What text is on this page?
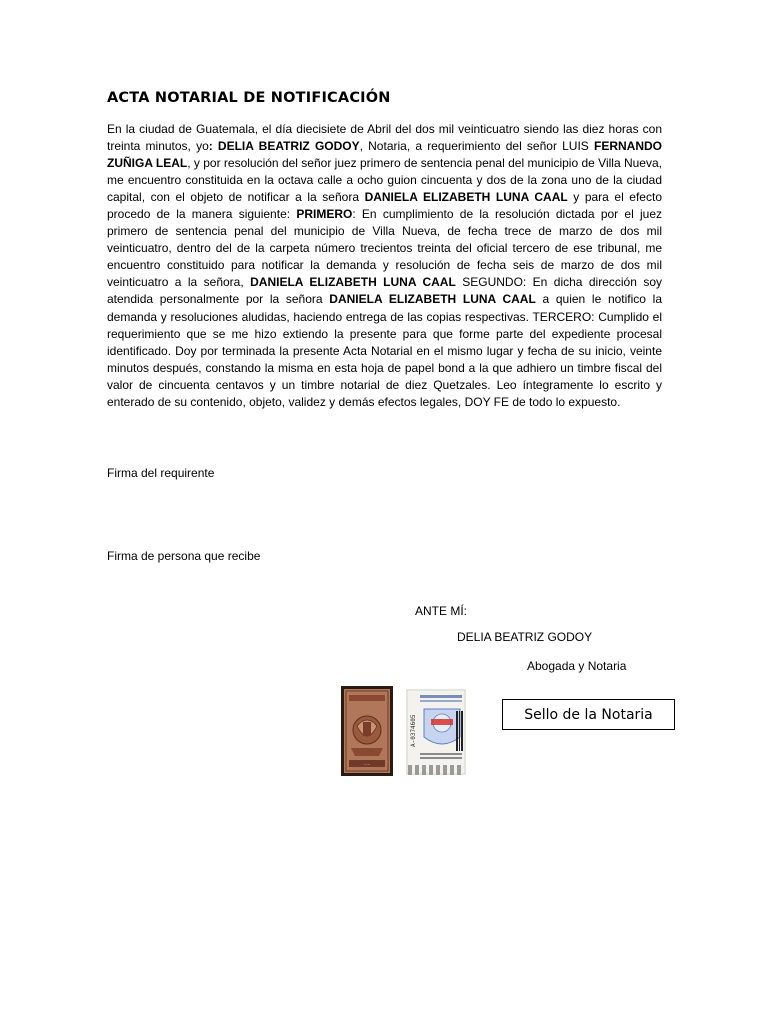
ACTA NOTARIAL DE NOTIFICACIÓN
En la ciudad de Guatemala, el día diecisiete de Abril del dos mil veinticuatro siendo las diez horas con treinta minutos, yo: DELIA BEATRIZ GODOY, Notaria, a requerimiento del señor LUIS FERNANDO ZUÑIGA LEAL, y por resolución del señor juez primero de sentencia penal del municipio de Villa Nueva, me encuentro constituida en la octava calle a ocho guion cincuenta y dos de la zona uno de la ciudad capital, con el objeto de notificar a la señora DANIELA ELIZABETH LUNA CAAL y para el efecto procedo de la manera siguiente: PRIMERO: En cumplimiento de la resolución dictada por el juez primero de sentencia penal del municipio de Villa Nueva, de fecha trece de marzo de dos mil veinticuatro, dentro del de la carpeta número trecientos treinta del oficial tercero de ese tribunal, me encuentro constituido para notificar la demanda y resolución de fecha seis de marzo de dos mil veinticuatro a la señora, DANIELA ELIZABETH LUNA CAAL SEGUNDO: En dicha dirección soy atendida personalmente por la señora DANIELA ELIZABETH LUNA CAAL a quien le notifico la demanda y resoluciones aludidas, haciendo entrega de las copias respectivas. TERCERO: Cumplido el requerimiento que se me hizo extiendo la presente para que forme parte del expediente procesal identificado. Doy por terminada la presente Acta Notarial en el mismo lugar y fecha de su inicio, veinte minutos después, constando la misma en esta hoja de papel bond a la que adhiero un timbre fiscal del valor de cincuenta centavos y un timbre notarial de diez Quetzales. Leo íntegramente lo escrito y enterado de su contenido, objeto, validez y demás efectos legales, DOY FE de todo lo expuesto.
Firma del requirente
Firma de persona que recibe
ANTE MÍ:
DELIA BEATRIZ GODOY
Abogada y Notaria
·····
A-0374605	Sello de la Notaria
